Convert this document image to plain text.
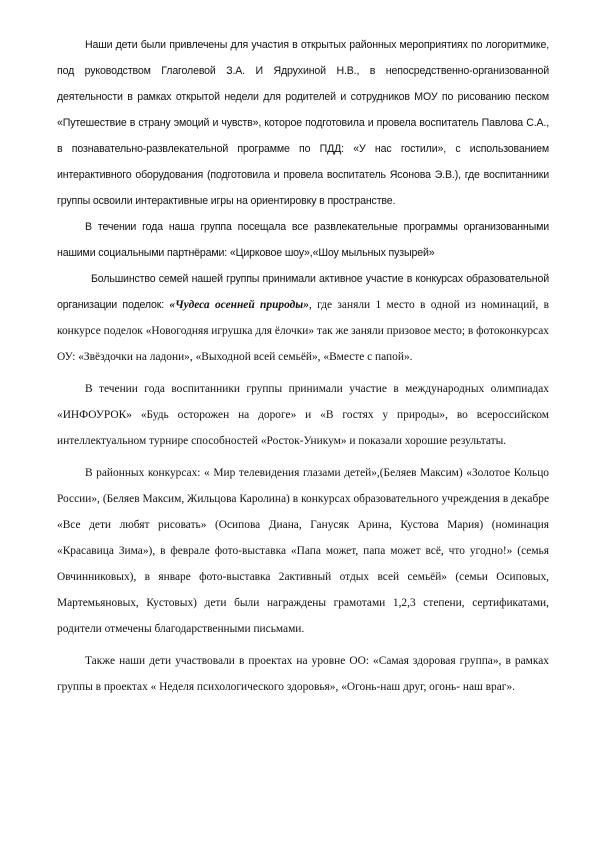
Наши дети были привлечены для участия в открытых районных мероприятиях по логоритмике, под руководством Глаголевой З.А. И Ядрухиной Н.В., в непосредственно-организованной деятельности в рамках открытой недели для родителей и сотрудников МОУ по рисованию песком «Путешествие в страну эмоций и чувств», которое подготовила и провела воспитатель Павлова С.А., в познавательно-развлекательной программе по ПДД: «У нас гостили», с использованием интерактивного оборудования (подготовила и провела воспитатель Ясонова Э.В.), где воспитанники группы освоили интерактивные игры на ориентировку в пространстве.

В течении года наша группа посещала все развлекательные программы организованными нашими социальными партнёрами: «Цирковое шоу»,«Шоу мыльных пузырей»

Большинство семей нашей группы принимали активное участие в конкурсах образовательной организации поделок: «Чудеса осенней природы», где заняли 1 место в одной из номинаций, в конкурсе поделок «Новогодняя игрушка для ёлочки» так же заняли призовое место; в фотоконкурсах ОУ: «Звёздочки на ладони», «Выходной всей семьёй», «Вместе с папой».

В течении года воспитанники группы принимали участие в международных олимпиадах «ИНФОУРОК» «Будь осторожен на дороге» и «В гостях у природы», во всероссийском интеллектуальном турнире способностей «Росток-Уникум» и показали хорошие результаты.

В районных конкурсах: « Мир телевидения глазами детей»,(Беляев Максим) «Золотое Кольцо России», (Беляев Максим, Жильцова Каролина) в конкурсах образовательного учреждения в декабре «Все дети любят рисовать» (Осипова Диана, Ганусяк Арина, Кустова Мария) (номинация «Красавица Зима»), в феврале фото-выставка «Папа может, папа может всё, что угодно!» (семья Овчинниковых), в январе фото-выставка 2активный отдых всей семьёй» (семьи Осиповых, Мартемьяновых, Кустовых) дети были награждены грамотами 1,2,3 степени, сертификатами, родители отмечены благодарственными письмами.

Также наши дети участвовали в проектах на уровне ОО: «Самая здоровая группа», в рамках группы в проектах « Неделя психологического здоровья», «Огонь-наш друг, огонь- наш враг».
